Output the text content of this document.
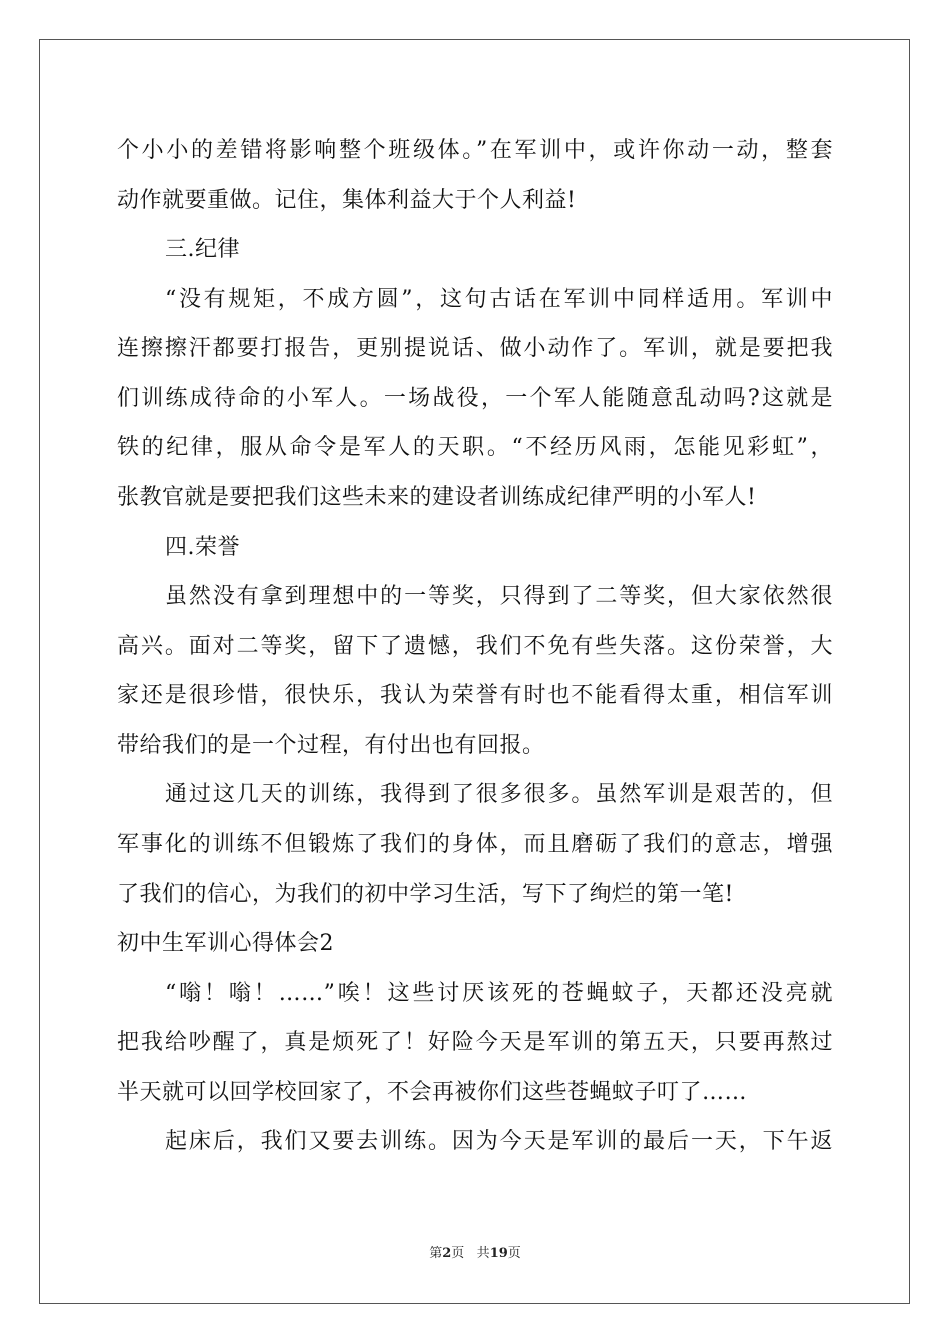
个小小的差错将影响整个班级体。”在军训中，或许你动一动，整套
动作就要重做。记住，集体利益大于个人利益!
三.纪律
“没有规矩，不成方圆”，这句古话在军训中同样适用。军训中
连擦擦汗都要打报告，更别提说话、做小动作了。军训，就是要把我
们训练成待命的小军人。一场战役，一个军人能随意乱动吗?这就是
铁的纪律，服从命令是军人的天职。“不经历风雨，怎能见彩虹”，
张教官就是要把我们这些未来的建设者训练成纪律严明的小军人!
四.荣誉
虽然没有拿到理想中的一等奖，只得到了二等奖，但大家依然很
高兴。面对二等奖，留下了遗憾，我们不免有些失落。这份荣誉，大
家还是很珍惜，很快乐，我认为荣誉有时也不能看得太重，相信军训
带给我们的是一个过程，有付出也有回报。
通过这几天的训练，我得到了很多很多。虽然军训是艰苦的，但
军事化的训练不但锻炼了我们的身体，而且磨砺了我们的意志，增强
了我们的信心，为我们的初中学习生活，写下了绚烂的第一笔!
初中生军训心得体会2
“嗡！嗡！……”唉！这些讨厌该死的苍蝇蚊子，天都还没亮就
把我给吵醒了，真是烦死了！好险今天是军训的第五天，只要再熬过
半天就可以回学校回家了，不会再被你们这些苍蝇蚊子叮了……
起床后，我们又要去训练。因为今天是军训的最后一天，下午返
第2页 共19页
